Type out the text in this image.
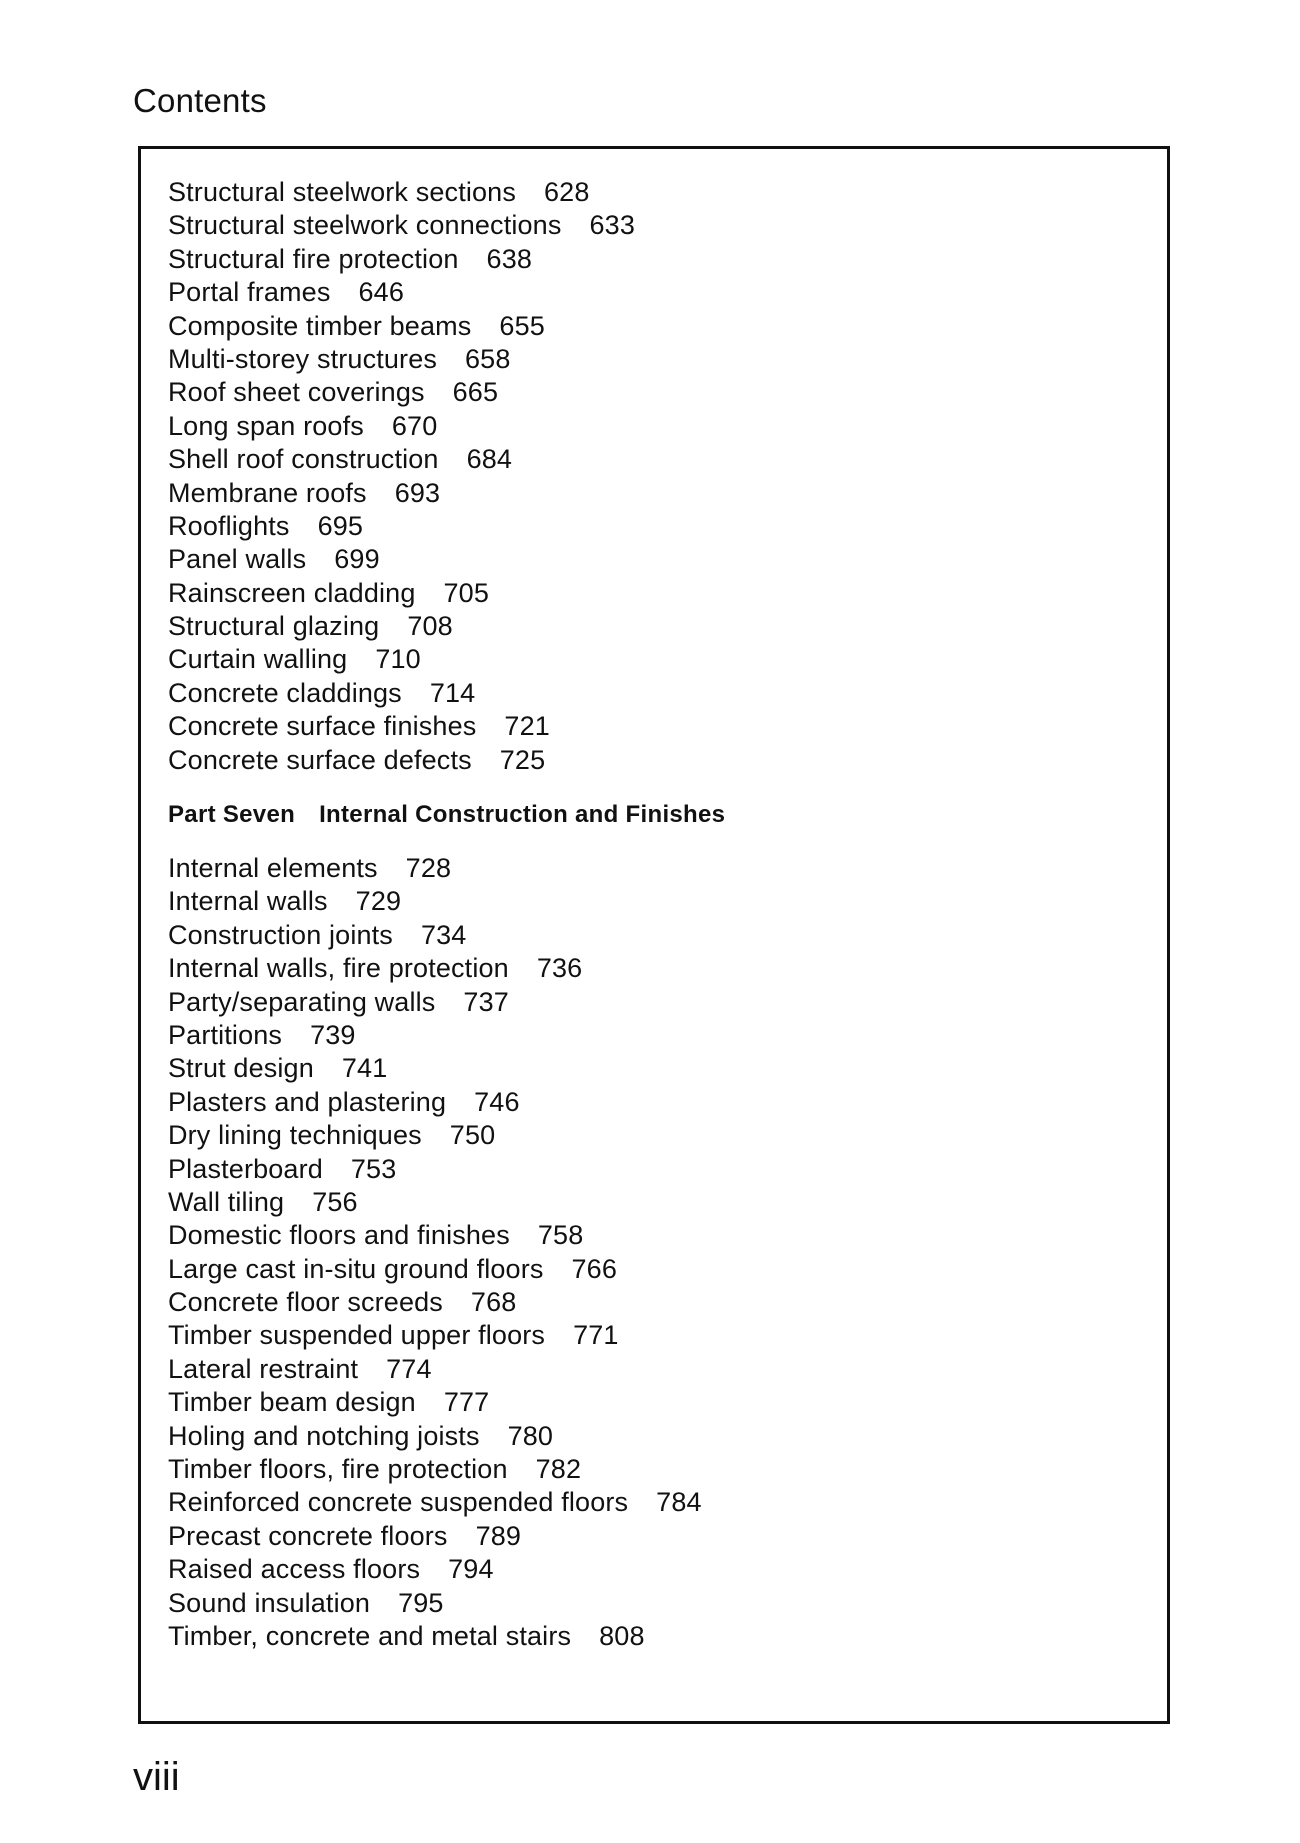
Contents
Structural steelwork sections 628
Structural steelwork connections 633
Structural fire protection 638
Portal frames 646
Composite timber beams 655
Multi-storey structures 658
Roof sheet coverings 665
Long span roofs 670
Shell roof construction 684
Membrane roofs 693
Rooflights 695
Panel walls 699
Rainscreen cladding 705
Structural glazing 708
Curtain walling 710
Concrete claddings 714
Concrete surface finishes 721
Concrete surface defects 725
Part Seven Internal Construction and Finishes
Internal elements 728
Internal walls 729
Construction joints 734
Internal walls, fire protection 736
Party/separating walls 737
Partitions 739
Strut design 741
Plasters and plastering 746
Dry lining techniques 750
Plasterboard 753
Wall tiling 756
Domestic floors and finishes 758
Large cast in-situ ground floors 766
Concrete floor screeds 768
Timber suspended upper floors 771
Lateral restraint 774
Timber beam design 777
Holing and notching joists 780
Timber floors, fire protection 782
Reinforced concrete suspended floors 784
Precast concrete floors 789
Raised access floors 794
Sound insulation 795
Timber, concrete and metal stairs 808
viii
